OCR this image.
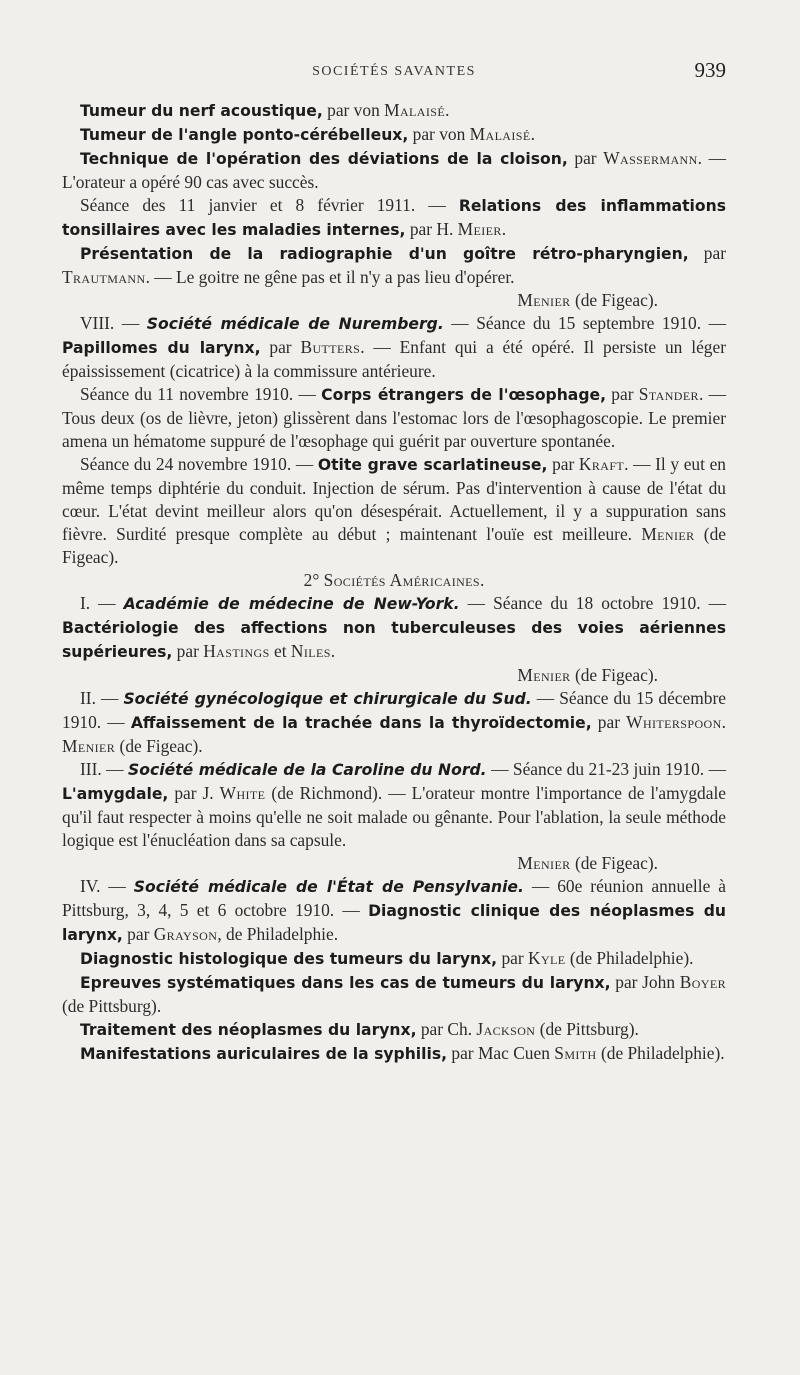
SOCIÉTÉS SAVANTES	939

Tumeur du nerf acoustique, par von Malaisé.

Tumeur de l'angle ponto-cérébelleux, par von Malaisé.

Technique de l'opération des déviations de la cloison, par Wassermann. — L'orateur a opéré 90 cas avec succès.

Séance des 11 janvier et 8 février 1911. — Relations des inflammations tonsillaires avec les maladies internes, par H. Meier.

Présentation de la radiographie d'un goître rétro-pharyngien, par Trautmann. — Le goitre ne gêne pas et il n'y a pas lieu d'opérer.

Menier (de Figeac).

VIII. — Société médicale de Nuremberg. — Séance du 15 septembre 1910. — Papillomes du larynx, par Butters. — Enfant qui a été opéré. Il persiste un léger épaississement (cicatrice) à la commissure antérieure.

Séance du 11 novembre 1910. — Corps étrangers de l'œsophage, par Stander. —Tous deux (os de lièvre, jeton) glissèrent dans l'estomac lors de l'œsophagoscopie. Le premier amena un hématome suppuré de l'œsophage qui guérit par ouverture spontanée.

Séance du 24 novembre 1910. — Otite grave scarlatineuse, par Kraft. — Il y eut en même temps diphtérie du conduit. Injection de sérum. Pas d'intervention à cause de l'état du cœur. L'état devint meilleur alors qu'on désespérait. Actuellement, il y a suppuration sans fièvre. Surdité presque complète au début ; maintenant l'ouïe est meilleure. Menier (de Figeac).

2° Sociétés Américaines.

I. — Académie de médecine de New-York. — Séance du 18 octobre 1910. — Bactériologie des affections non tuberculeuses des voies aériennes supérieures, par Hastings et Niles.

Menier (de Figeac).

II. — Société gynécologique et chirurgicale du Sud. — Séance du 15 décembre 1910. — Affaissement de la trachée dans la thyroïdectomie, par Whiterspoon. Menier (de Figeac).

III. — Société médicale de la Caroline du Nord. — Séance du 21-23 juin 1910. — L'amygdale, par J. White (de Richmond). — L'orateur montre l'importance de l'amygdale qu'il faut respecter à moins qu'elle ne soit malade ou gênante. Pour l'ablation, la seule méthode logique est l'énucléation dans sa capsule.

Menier (de Figeac).

IV. — Société médicale de l'État de Pensylvanie. — 60e réunion annuelle à Pittsburg, 3, 4, 5 et 6 octobre 1910. — Diagnostic clinique des néoplasmes du larynx, par Grayson, de Philadelphie.

Diagnostic histologique des tumeurs du larynx, par Kyle (de Philadelphie).

Epreuves systématiques dans les cas de tumeurs du larynx, par John Boyer (de Pittsburg).

Traitement des néoplasmes du larynx, par Ch. Jackson (de Pittsburg).

Manifestations auriculaires de la syphilis, par Mac Cuen Smith (de Philadelphie).
